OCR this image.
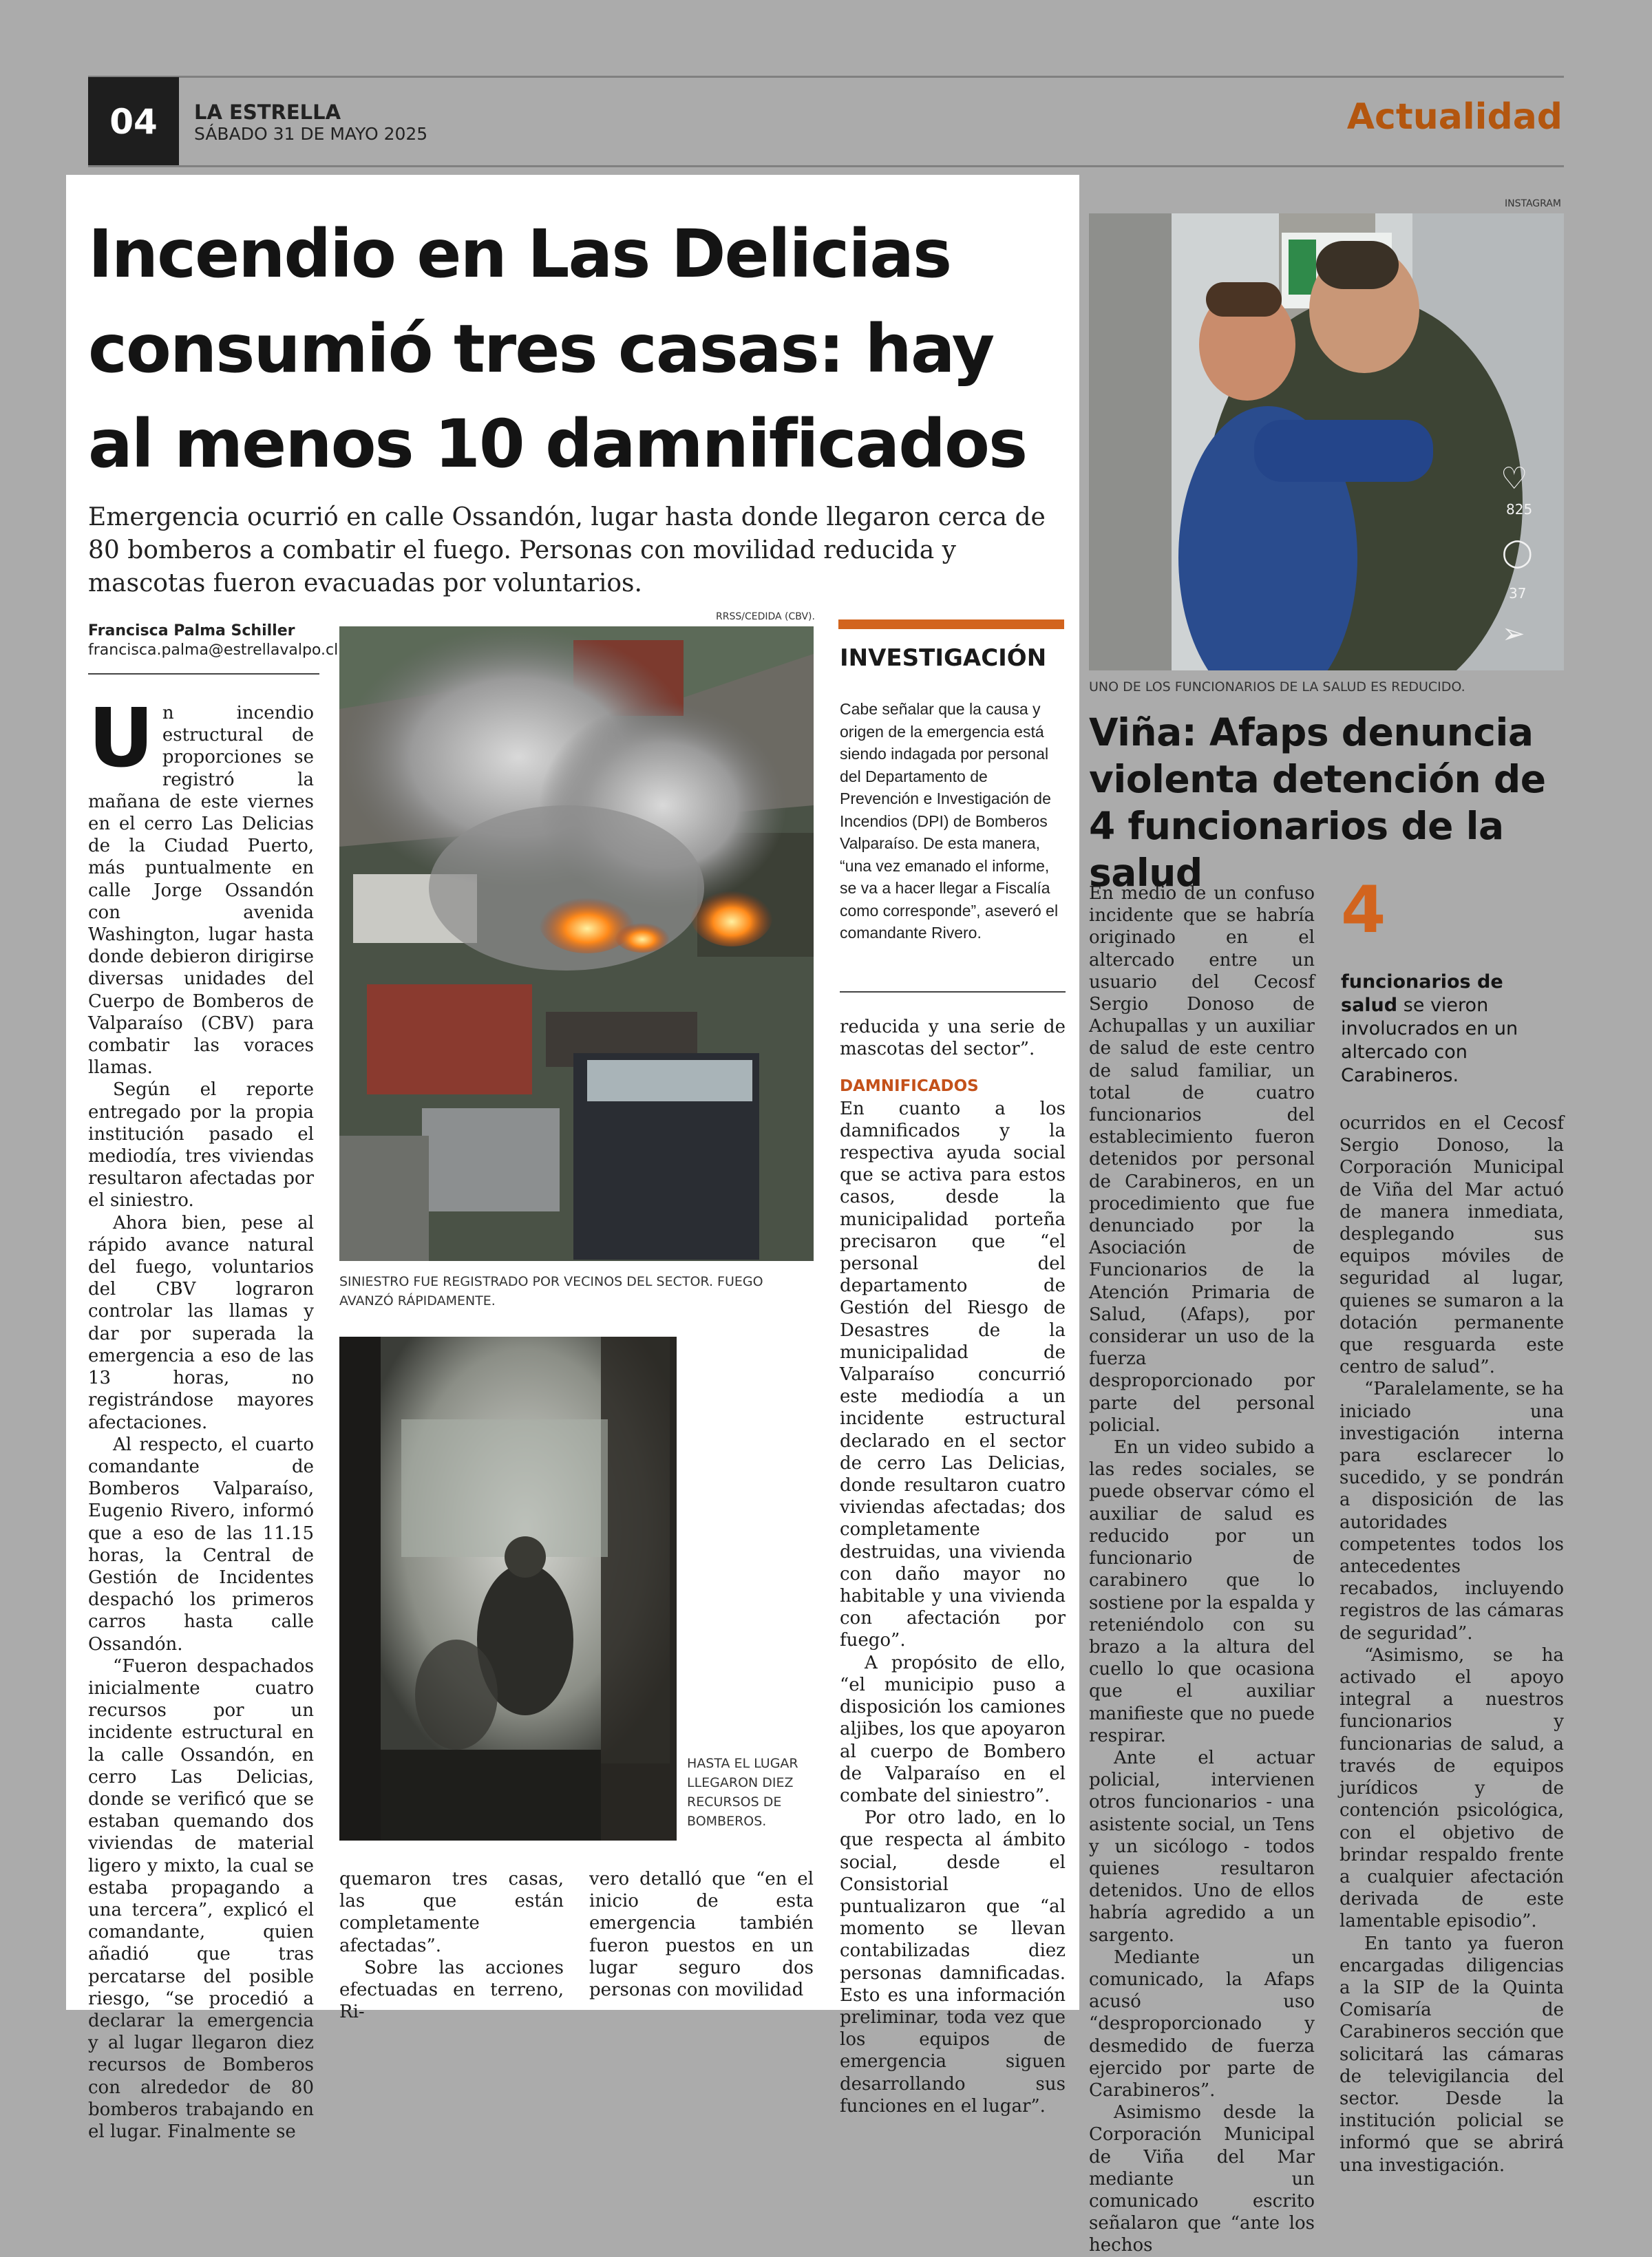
04	LA ESTRELLA
SÁBADO 31 DE MAYO 2025	Actualidad
Incendio en Las Delicias consumió tres casas: hay al menos 10 damnificados
Emergencia ocurrió en calle Ossandón, lugar hasta donde llegaron cerca de 80 bomberos a combatir el fuego. Personas con movilidad reducida y mascotas fueron evacuadas por voluntarios.
Francisca Palma Schiller
francisca.palma@estrellavalpo.cl
U n incendio estructural de proporciones se registró la mañana de este viernes en el cerro Las Delicias de la Ciudad Puerto, más puntualmente en calle Jorge Ossandón con avenida Washington, lugar hasta donde debieron dirigirse diversas unidades del Cuerpo de Bomberos de Valparaíso (CBV) para combatir las voraces llamas.

Según el reporte entregado por la propia institución pasado el mediodía, tres viviendas resultaron afectadas por el siniestro.

Ahora bien, pese al rápido avance natural del fuego, voluntarios del CBV lograron controlar las llamas y dar por superada la emergencia a eso de las 13 horas, no registrándose mayores afectaciones.

Al respecto, el cuarto comandante de Bomberos Valparaíso, Eugenio Rivero, informó que a eso de las 11.15 horas, la Central de Gestión de Incidentes despachó los primeros carros hasta calle Ossandón.

“Fueron despachados inicialmente cuatro recursos por un incidente estructural en la calle Ossandón, en cerro Las Delicias, donde se verificó que se estaban quemando dos viviendas de material ligero y mixto, la cual se estaba propagando a una tercera”, explicó el comandante, quien añadió que tras percatarse del posible riesgo, “se procedió a declarar la emergencia y al lugar llegaron diez recursos de Bomberos con alrededor de 80 bomberos trabajando en el lugar. Finalmente se

RRSS/CEDIDA (CBV).
SINIESTRO FUE REGISTRADO POR VECINOS DEL SECTOR. FUEGO AVANZÓ RÁPIDAMENTE.
INVESTIGACIÓN
Cabe señalar que la causa y origen de la emergencia está siendo indagada por personal del Departamento de Prevención e Investigación de Incendios (DPI) de Bomberos Valparaíso. De esta manera, “una vez emanado el informe, se va a hacer llegar a Fiscalía como corresponde”, aseveró el comandante Rivero.

reducida y una serie de mascotas del sector”.

DAMNIFICADOS

En cuanto a los damnificados y la respectiva ayuda social que se activa para estos casos, desde la municipalidad porteña precisaron que “el personal del departamento de Gestión del Riesgo de Desastres de la municipalidad de Valparaíso concurrió este mediodía a un incidente estructural declarado en el sector de cerro Las Delicias, donde resultaron cuatro viviendas afectadas; dos completamente destruidas, una vivienda con daño mayor no habitable y una vivienda con afectación por fuego”.

A propósito de ello, “el municipio puso a disposición los camiones aljibes, los que apoyaron al cuerpo de Bombero de Valparaíso en el combate del siniestro”.

Por otro lado, en lo que respecta al ámbito social, desde el Consistorial puntualizaron que “al momento se llevan contabilizadas diez personas damnificadas. Esto es una información preliminar, toda vez que los equipos de emergencia siguen desarrollando sus funciones en el lugar”.

HASTA EL LUGAR LLEGARON DIEZ RECURSOS DE BOMBEROS.

quemaron tres casas, las que están completamente afectadas”.

Sobre las acciones efectuadas en terreno, Ri-

vero detalló que “en el inicio de esta emergencia también fueron puestos en un lugar seguro dos personas con movilidad

INSTAGRAM
♡
825
◯
37
➢
UNO DE LOS FUNCIONARIOS DE LA SALUD ES REDUCIDO.
Viña: Afaps denuncia violenta detención de 4 funcionarios de la salud	4
funcionarios de salud se vieron involucrados en un altercado con Carabineros.

En medio de un confuso incidente que se habría originado en el altercado entre un usuario del Cecosf Sergio Donoso de Achupallas y un auxiliar de salud de este centro de salud familiar, un total de cuatro funcionarios del establecimiento fueron detenidos por personal de Carabineros, en un procedimiento que fue denunciado por la Asociación de Funcionarios de la Atención Primaria de Salud, (Afaps), por considerar un uso de la fuerza desproporcionado por parte del personal policial.

En un video subido a las redes sociales, se puede observar cómo el auxiliar de salud es reducido por un funcionario de carabinero que lo sostiene por la espalda y reteniéndolo con su brazo a la altura del cuello lo que ocasiona que el auxiliar manifieste que no puede respirar.

Ante el actuar policial, intervienen otros funcionarios - una asistente social, un Tens y un sicólogo - todos quienes resultaron detenidos. Uno de ellos habría agredido a un sargento.

Mediante un comunicado, la Afaps acusó uso “desproporcionado y desmedido de fuerza ejercido por parte de Carabineros”.

Asimismo desde la Corporación Municipal de Viña del Mar mediante un comunicado escrito señalaron que “ante los hechos

ocurridos en el Cecosf Sergio Donoso, la Corporación Municipal de Viña del Mar actuó de manera inmediata, desplegando sus equipos móviles de seguridad al lugar, quienes se sumaron a la dotación permanente que resguarda este centro de salud”.

“Paralelamente, se ha iniciado una investigación interna para esclarecer lo sucedido, y se pondrán a disposición de las autoridades competentes todos los antecedentes recabados, incluyendo registros de las cámaras de seguridad”.

“Asimismo, se ha activado el apoyo integral a nuestros funcionarios y funcionarias de salud, a través de equipos jurídicos y de contención psicológica, con el objetivo de brindar respaldo frente a cualquier afectación derivada de este lamentable episodio”.

En tanto ya fueron encargadas diligencias a la SIP de la Quinta Comisaría de Carabineros sección que solicitará las cámaras de televigilancia del sector. Desde la institución policial se informó que se abrirá una investigación.
